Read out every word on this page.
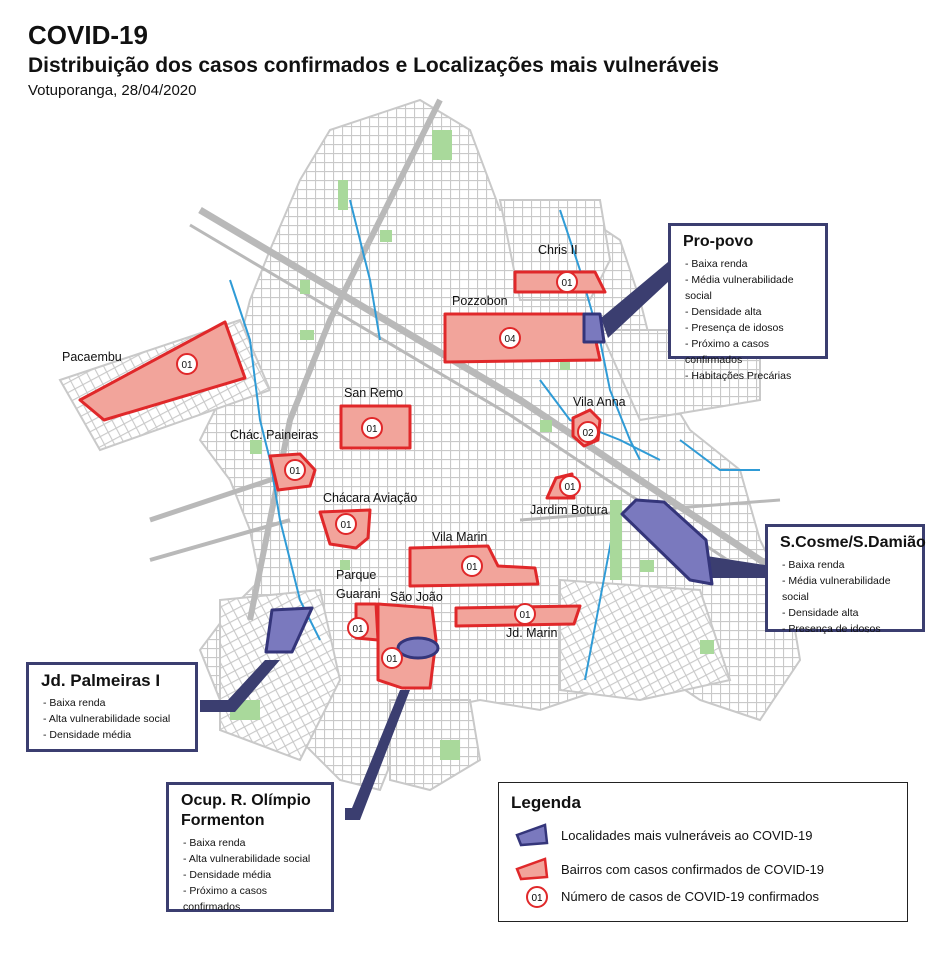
COVID-19
Distribuição dos casos confirmados e Localizações mais vulneráveis
Votuporanga, 28/04/2020
01
04
01
01	02
01
01
01
01
01
01
01
Chris II
Pozzobon
Pacaembu
San Remo
Vila Anna
Chác. Paineiras
Jardim Botura
Chácara Aviação
Vila Marin
Parque Guarani São João
Jd. Marin
Pro-povo
- Baixa renda
- Média vulnerabilidade social
- Densidade alta
- Presença de idosos
- Próximo a casos confirmados
- Habitações Precárias
S.Cosme/S.Damião
- Baixa renda
- Média vulnerabilidade social
- Densidade alta
- Presença de idosos
Jd. Palmeiras I
- Baixa renda
- Alta vulnerabilidade social
- Densidade média
Ocup. R. Olímpio Formenton
- Baixa renda
- Alta vulnerabilidade social
- Densidade média
- Próximo a casos confirmados
01
Legenda
Localidades mais vulneráveis ao COVID-19
Bairros com casos confirmados de COVID-19
Número de casos de COVID-19 confirmados
